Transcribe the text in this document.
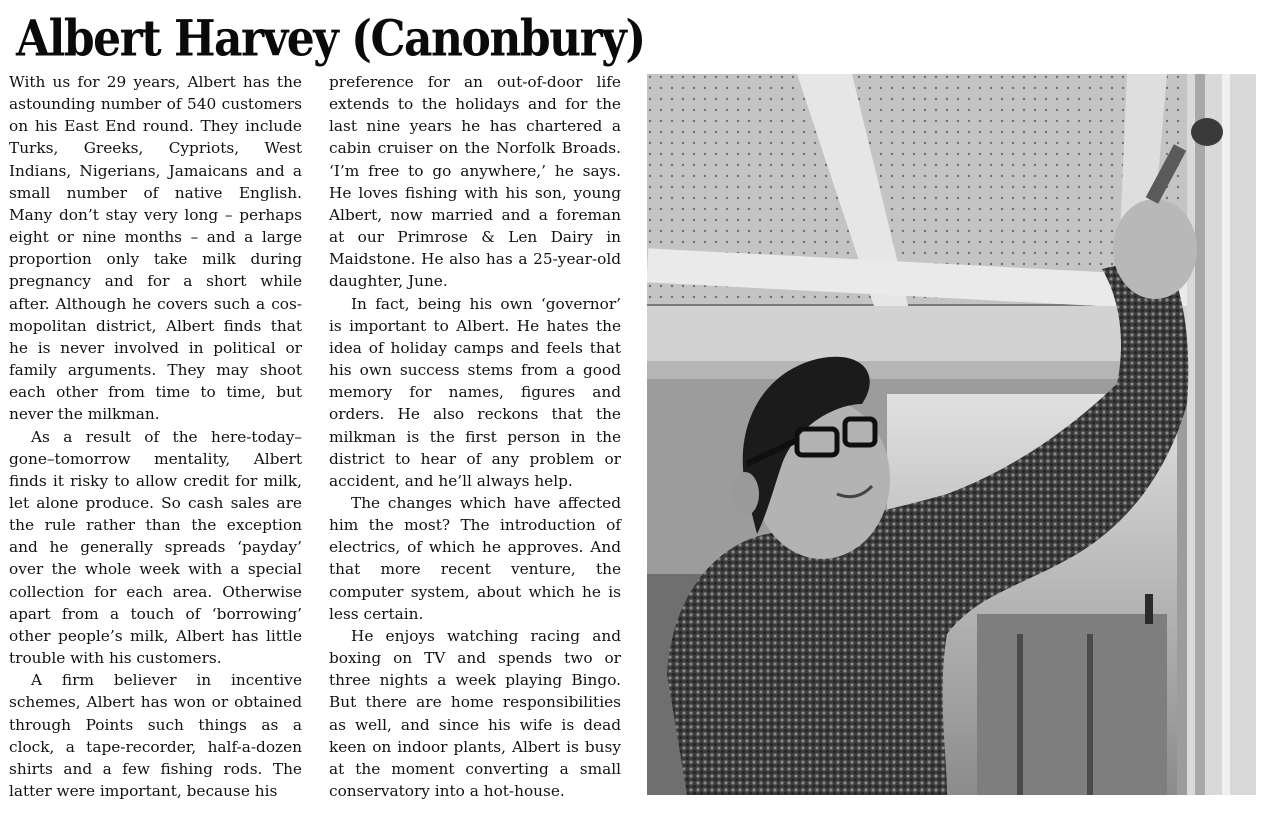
Albert Harvey (Canonbury)

With us for 29 years, Albert has the astounding number of 540 customers on his East End round. They include Turks, Greeks, Cypriots, West Indians, Nigerians, Jamaicans and a small number of native English. Many don’t stay very long – perhaps eight or nine months – and a large proportion only take milk during pregnancy and for a short while after. Although he covers such a cosmopolitan district, Albert finds that he is never involved in political or family arguments. They may shoot each other from time to time, but never the milkman.

As a result of the here-today–gone–tomorrow mentality, Albert finds it risky to allow credit for milk, let alone produce. So cash sales are the rule rather than the exception and he generally spreads ‘payday’ over the whole week with a special collection for each area. Otherwise apart from a touch of ‘borrowing’ other people’s milk, Albert has little trouble with his customers.

A firm believer in incentive schemes, Albert has won or obtained through Points such things as a clock, a tape-recorder, half-a-dozen shirts and a few fishing rods. The latter were important, because his

preference for an out-of-door life extends to the holidays and for the last nine years he has chartered a cabin cruiser on the Norfolk Broads. ‘I’m free to go anywhere,’ he says. He loves fishing with his son, young Albert, now married and a foreman at our Primrose & Len Dairy in Maidstone. He also has a 25-year-old daughter, June.

In fact, being his own ‘governor’ is important to Albert. He hates the idea of holiday camps and feels that his own success stems from a good memory for names, figures and orders. He also reckons that the milkman is the first person in the district to hear of any problem or accident, and he’ll always help.

The changes which have affected him the most? The introduction of electrics, of which he approves. And that more recent venture, the computer system, about which he is less certain.

He enjoys watching racing and boxing on TV and spends two or three nights a week playing Bingo. But there are home responsibilities as well, and since his wife is dead keen on indoor plants, Albert is busy at the moment converting a small conservatory into a hot-house.
